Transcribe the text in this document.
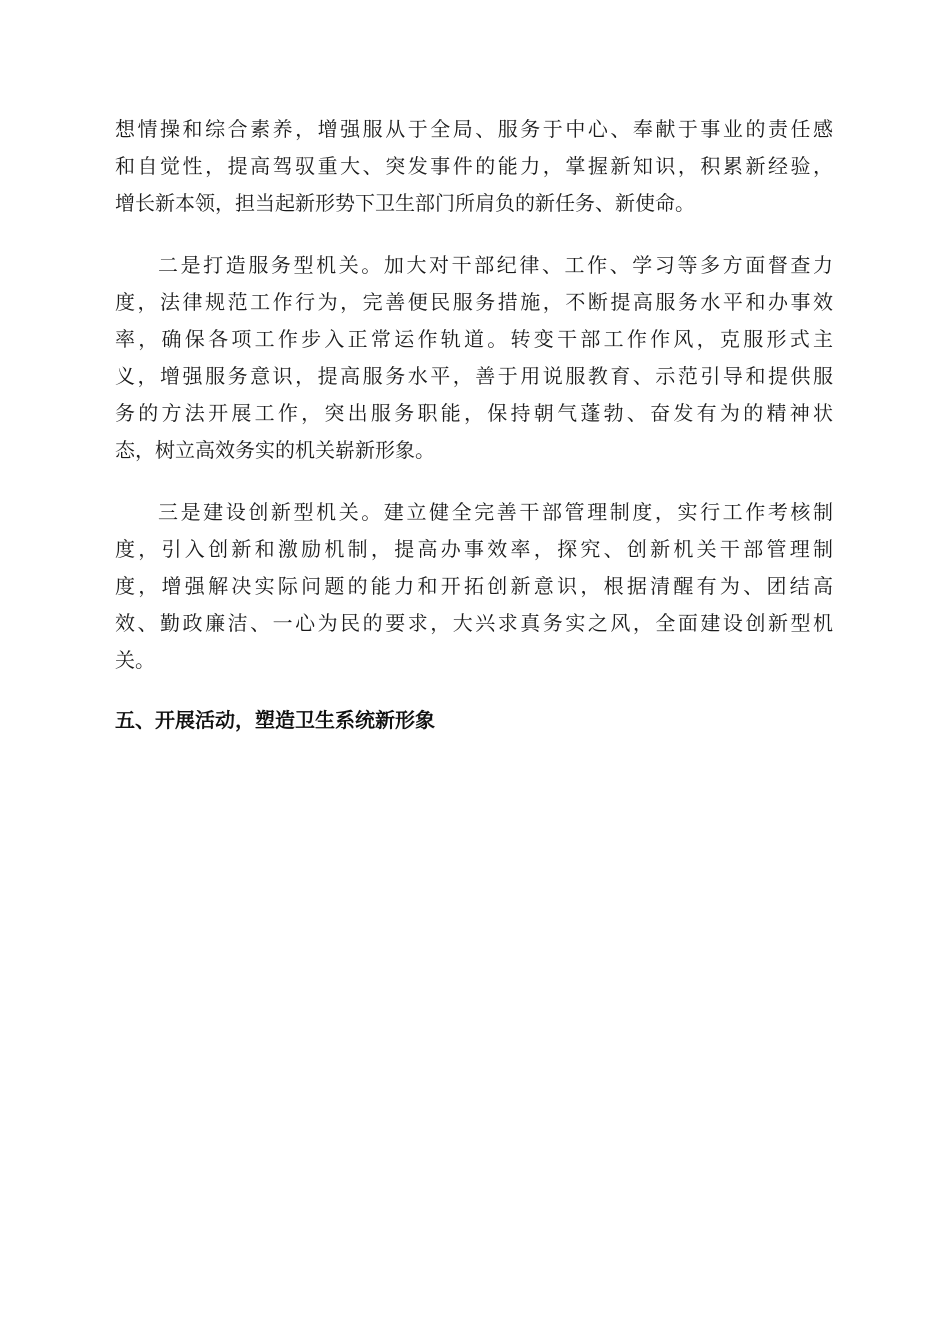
想情操和综合素养，增强服从于全局、服务于中心、奉献于事业的责任感
和自觉性，提高驾驭重大、突发事件的能力，掌握新知识，积累新经验，
增长新本领，担当起新形势下卫生部门所肩负的新任务、新使命。
二是打造服务型机关。加大对干部纪律、工作、学习等多方面督查力
度，法律规范工作行为，完善便民服务措施，不断提高服务水平和办事效
率，确保各项工作步入正常运作轨道。转变干部工作作风，克服形式主
义，增强服务意识，提高服务水平，善于用说服教育、示范引导和提供服
务的方法开展工作，突出服务职能，保持朝气蓬勃、奋发有为的精神状
态，树立高效务实的机关崭新形象。
三是建设创新型机关。建立健全完善干部管理制度，实行工作考核制
度，引入创新和激励机制，提高办事效率，探究、创新机关干部管理制
度，增强解决实际问题的能力和开拓创新意识，根据清醒有为、团结高
效、勤政廉洁、一心为民的要求，大兴求真务实之风，全面建设创新型机
关。
五、开展活动，塑造卫生系统新形象
